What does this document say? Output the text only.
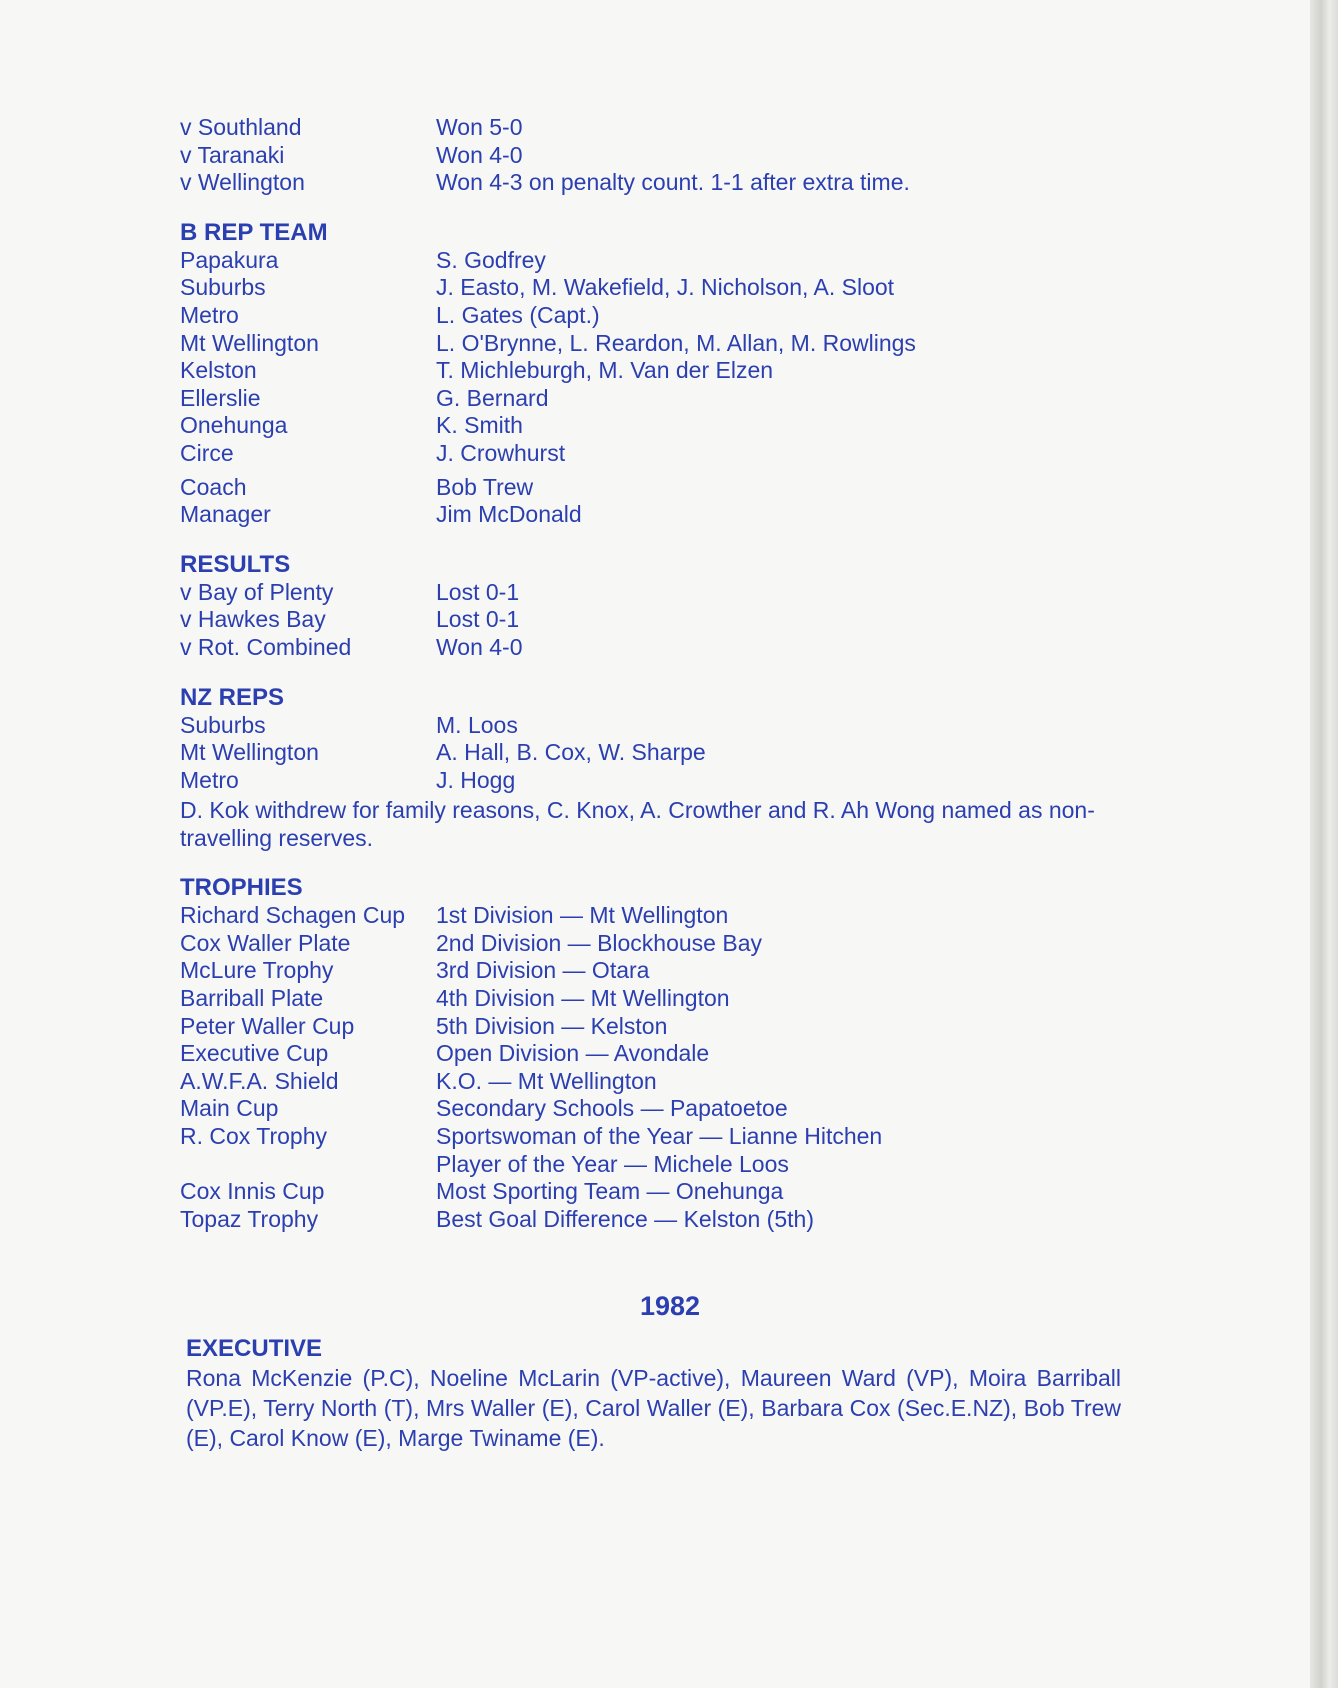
v Southland	Won 5-0
v Taranaki	Won 4-0
v Wellington	Won 4-3 on penalty count. 1-1 after extra time.
B REP TEAM
Papakura	S. Godfrey
Suburbs	J. Easto, M. Wakefield, J. Nicholson, A. Sloot
Metro	L. Gates (Capt.)
Mt Wellington	L. O'Brynne, L. Reardon, M. Allan, M. Rowlings
Kelston	T. Michleburgh, M. Van der Elzen
Ellerslie	G. Bernard
Onehunga	K. Smith
Circe	J. Crowhurst
Coach	Bob Trew
Manager	Jim McDonald
RESULTS
v Bay of Plenty	Lost 0-1
v Hawkes Bay	Lost 0-1
v Rot. Combined	Won 4-0
NZ REPS
Suburbs	M. Loos
Mt Wellington	A. Hall, B. Cox, W. Sharpe
Metro	J. Hogg
D. Kok withdrew for family reasons, C. Knox, A. Crowther and R. Ah Wong named as non-travelling reserves.
TROPHIES
Richard Schagen Cup	1st Division — Mt Wellington
Cox Waller Plate	2nd Division — Blockhouse Bay
McLure Trophy	3rd Division — Otara
Barriball Plate	4th Division — Mt Wellington
Peter Waller Cup	5th Division — Kelston
Executive Cup	Open Division — Avondale
A.W.F.A. Shield	K.O. — Mt Wellington
Main Cup	Secondary Schools — Papatoetoe
R. Cox Trophy	Sportswoman of the Year — Lianne Hitchen
Player of the Year — Michele Loos
Cox Innis Cup	Most Sporting Team — Onehunga
Topaz Trophy	Best Goal Difference — Kelston (5th)
1982
EXECUTIVE
Rona McKenzie (P.C), Noeline McLarin (VP-active), Maureen Ward (VP), Moira Barriball (VP.E), Terry North (T), Mrs Waller (E), Carol Waller (E), Barbara Cox (Sec.E.NZ), Bob Trew (E), Carol Know (E), Marge Twiname (E).
